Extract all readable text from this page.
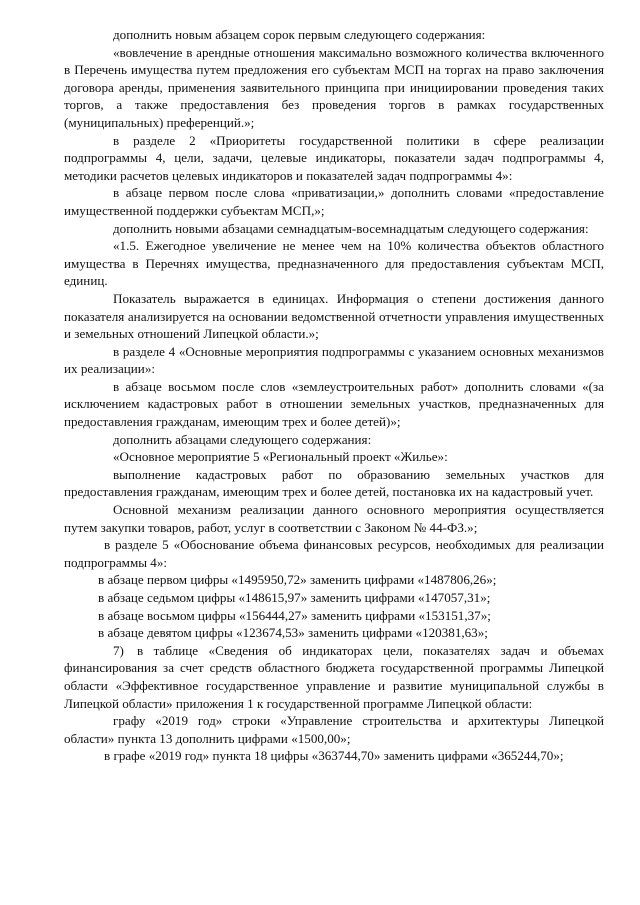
дополнить новым абзацем сорок первым следующего содержания:

«вовлечение в арендные отношения максимально возможного количества включенного в Перечень имущества путем предложения его субъектам МСП на торгах на право заключения договора аренды, применения заявительного принципа при инициировании проведения таких торгов, а также предоставления без проведения торгов в рамках государственных (муниципальных) преференций.»;

в разделе 2 «Приоритеты государственной политики в сфере реализации подпрограммы 4, цели, задачи, целевые индикаторы, показатели задач подпрограммы 4, методики расчетов целевых индикаторов и показателей задач подпрограммы 4»:

в абзаце первом после слова «приватизации,» дополнить словами «предоставление имущественной поддержки субъектам МСП,»;

дополнить новыми абзацами семнадцатым-восемнадцатым следующего содержания:

«1.5. Ежегодное увеличение не менее чем на 10% количества объектов областного имущества в Перечнях имущества, предназначенного для предоставления субъектам МСП, единиц.

Показатель выражается в единицах. Информация о степени достижения данного показателя анализируется на основании ведомственной отчетности управления имущественных и земельных отношений Липецкой области.»;

в разделе 4 «Основные мероприятия подпрограммы с указанием основных механизмов их реализации»:

в абзаце восьмом после слов «землеустроительных работ» дополнить словами «(за исключением кадастровых работ в отношении земельных участков, предназначенных для предоставления гражданам, имеющим трех и более детей)»;

дополнить абзацами следующего содержания:

«Основное мероприятие 5 «Региональный проект «Жилье»:

выполнение кадастровых работ по образованию земельных участков для предоставления гражданам, имеющим трех и более детей, постановка их на кадастровый учет.

Основной механизм реализации данного основного мероприятия осуществляется путем закупки товаров, работ, услуг в соответствии с Законом № 44-ФЗ.»;

в разделе 5 «Обоснование объема финансовых ресурсов, необходимых для реализации подпрограммы 4»:

в абзаце первом цифры «1495950,72» заменить цифрами «1487806,26»;

в абзаце седьмом цифры «148615,97» заменить цифрами «147057,31»;

в абзаце восьмом цифры «156444,27» заменить цифрами «153151,37»;

в абзаце девятом цифры «123674,53» заменить цифрами «120381,63»;

7) в таблице «Сведения об индикаторах цели, показателях задач и объемах финансирования за счет средств областного бюджета государственной программы Липецкой области «Эффективное государственное управление и развитие муниципальной службы в Липецкой области» приложения 1 к государственной программе Липецкой области:

графу «2019 год» строки «Управление строительства и архитектуры Липецкой области» пункта 13 дополнить цифрами «1500,00»;

в графе «2019 год» пункта 18 цифры «363744,70» заменить цифрами «365244,70»;
